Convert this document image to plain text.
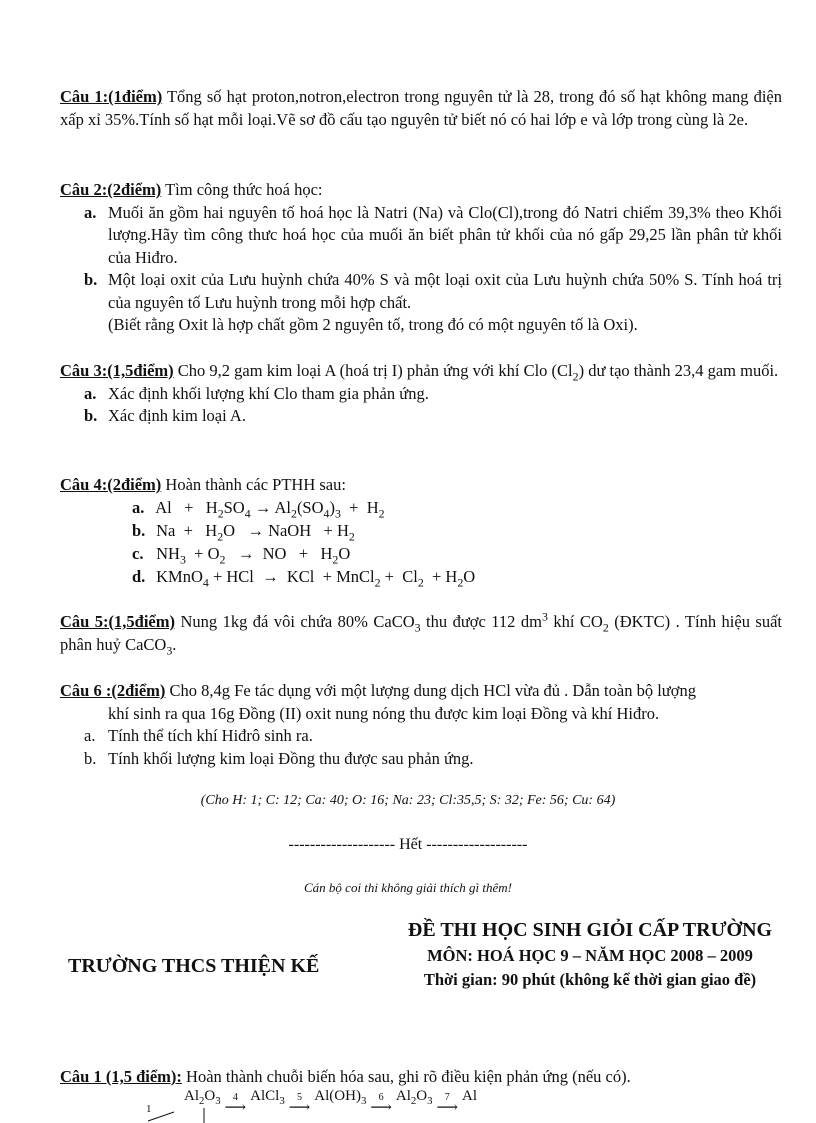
Câu 1:(1điểm) Tổng số hạt proton,notron,electron trong nguyên tử là 28, trong đó số hạt không mang điện xấp xỉ 35%.Tính số hạt mỗi loại.Vẽ sơ đồ cấu tạo nguyên tử biết nó có hai lớp e và lớp trong cùng là 2e.
Câu 2:(2điểm) Tìm công thức hoá học:
a. Muối ăn gồm hai nguyên tố hoá học là Natri (Na) và Clo(Cl),trong đó Natri chiếm 39,3% theo Khối lượng.Hãy tìm công thưc hoá học của muối ăn biết phân tử khối của nó gấp 29,25 lần phân tử khối của Hiđro.
b. Một loại oxit của Lưu huỳnh chứa 40% S và một loại oxit của Lưu huỳnh chứa 50% S. Tính hoá trị của nguyên tố Lưu huỳnh trong mỗi hợp chất.
(Biết rằng Oxit là hợp chất gồm 2 nguyên tố, trong đó có một nguyên tố là Oxi).
Câu 3:(1,5điểm) Cho 9,2 gam kim loại A (hoá trị I) phản ứng với khí Clo $(Cl_2)$ dư tạo thành 23,4 gam muối.
a. Xác định khối lượng khí Clo tham gia phản ứng.
b. Xác định kim loại A.
Câu 4:(2điểm) Hoàn thành các PTHH sau:
a. $Al + H_2SO_4 \to Al_2(SO_4)_3 + H_2$
b. $Na + H_2O$   → NaOH   + $H_2$
c. $NH_3 + O_2$   →  NO   +   $H_2O$
d. KMnO$_4$ + HCl  →  KCl  + MnCl$_2$ +  $Cl_2 + H_2O$
Câu 5:(1,5điểm) Nung 1kg đá vôi chứa 80% CaCO$_3$ thu được 112 $dm^3$ khí $CO_2$ (ĐKTC) . Tính hiệu suất phân huỷ CaCO$_3$.
Câu 6 :(2điểm) Cho 8,4g Fe tác dụng với một lượng dung dịch HCl vừa đủ . Dẫn toàn bộ lượng
khí sinh ra qua 16g Đồng (II) oxit nung nóng thu được kim loại Đồng và khí Hiđro.
a. Tính thể tích khí Hiđrô sinh ra.
b. Tính khối lượng kim loại Đồng thu được sau phản ứng.
(Cho H: 1; C: 12; Ca: 40; O: 16; Na: 23; Cl:35,5; S: 32; Fe: 56; Cu: 64)
-------------------- Hết -------------------
Cán bộ coi thi không giải thích gì thêm!
TRƯỜNG THCS THIỆN KẾ
ĐỀ THI HỌC SINH GIỎI CẤP TRƯỜNG
MÔN: HOÁ HỌC 9 – NĂM HỌC 2008 – 2009
Thời gian: 90 phút (không kể thời gian giao đề)
Câu 1 (1,5 điểm): Hoàn thành chuỗi biến hóa sau, ghi rõ điều kiện phản ứng (nếu có).
$Al_2O_3$ 4
⟶
AlCl$_3$ 5
⟶
$Al(OH)_3$ 6
⟶
$Al_2O_3$ 7
⟶
Al
1
